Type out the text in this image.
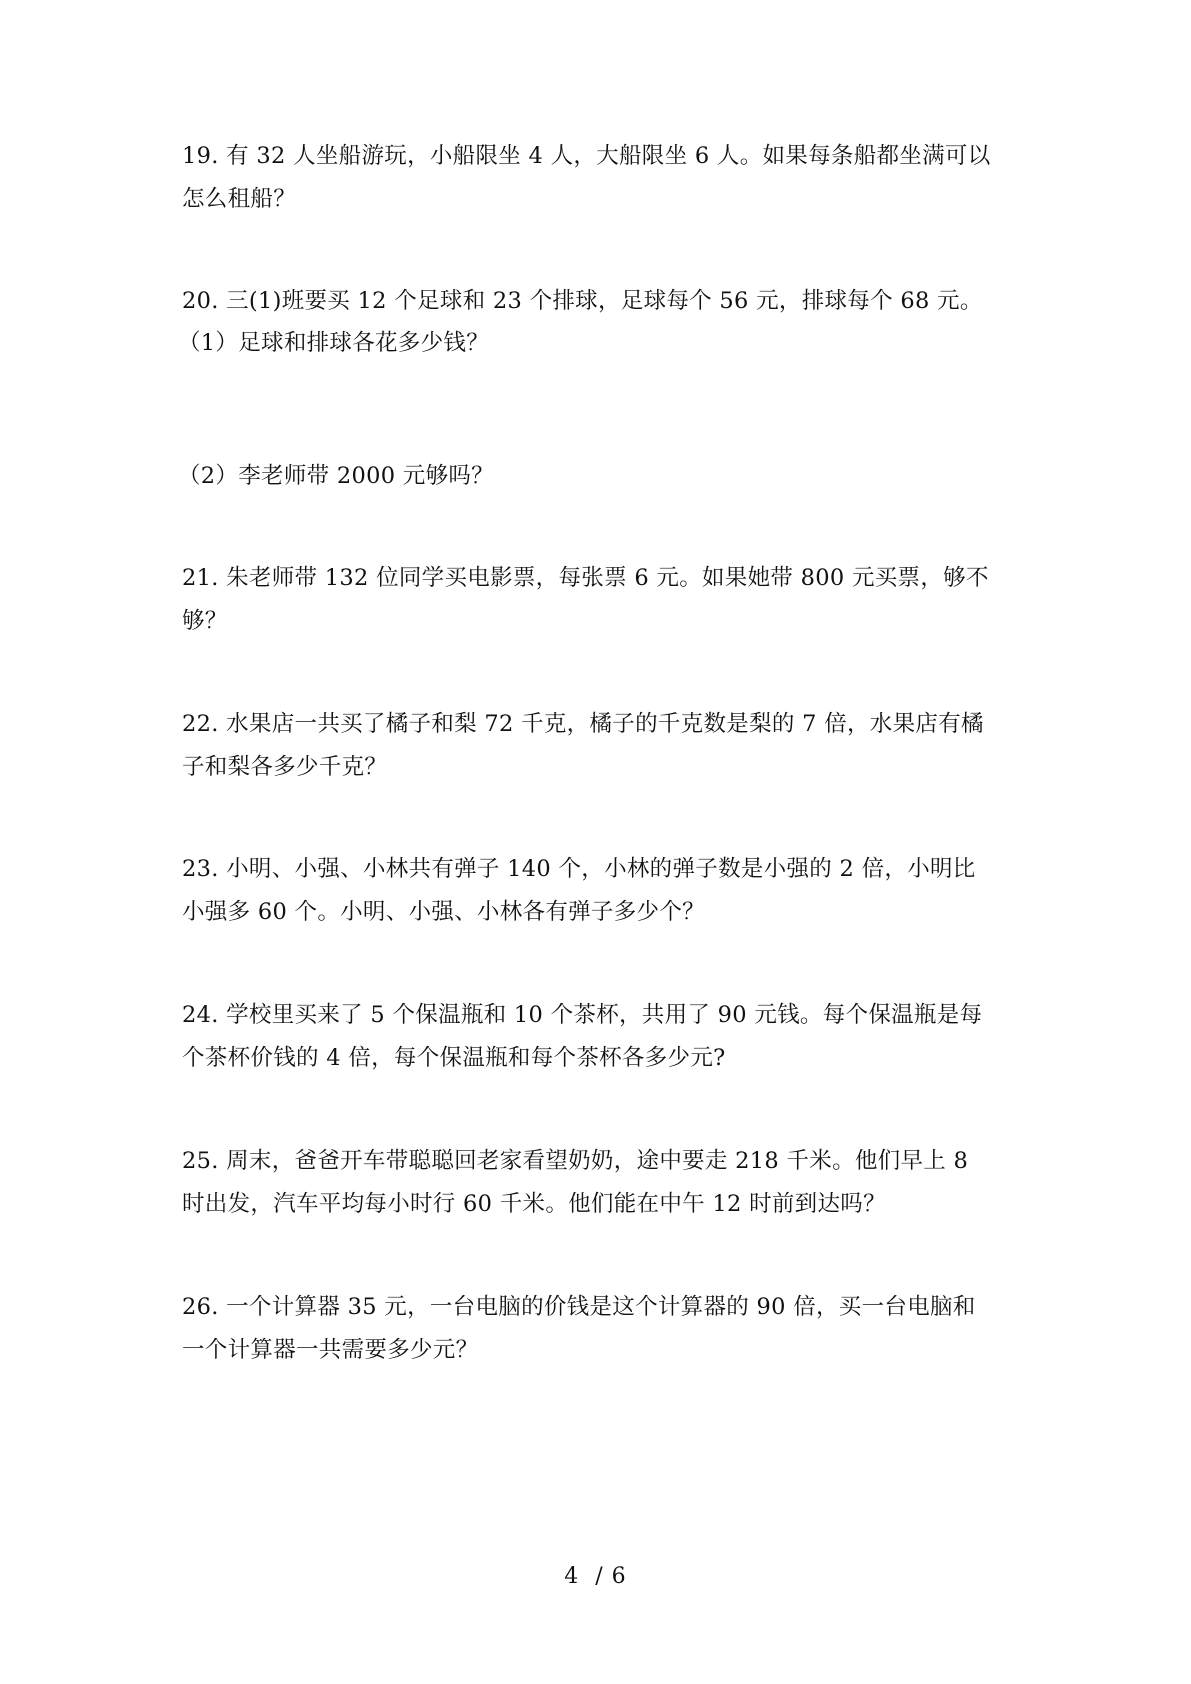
19. 有 32 人坐船游玩，小船限坐 4 人，大船限坐 6 人。如果每条船都坐满可以
怎么租船？
20. 三(1)班要买 12 个足球和 23 个排球，足球每个 56 元，排球每个 68 元。
（1）足球和排球各花多少钱？
（2）李老师带 2000 元够吗？
21. 朱老师带 132 位同学买电影票，每张票 6 元。如果她带 800 元买票，够不
够？
22. 水果店一共买了橘子和梨 72 千克，橘子的千克数是梨的 7 倍，水果店有橘
子和梨各多少千克？
23. 小明、小强、小林共有弹子 140 个，小林的弹子数是小强的 2 倍，小明比
小强多 60 个。小明、小强、小林各有弹子多少个？
24. 学校里买来了 5 个保温瓶和 10 个茶杯，共用了 90 元钱。每个保温瓶是每
个茶杯价钱的 4 倍，每个保温瓶和每个茶杯各多少元?
25. 周末，爸爸开车带聪聪回老家看望奶奶，途中要走 218 千米。他们早上 8
时出发，汽车平均每小时行 60 千米。他们能在中午 12 时前到达吗？
26. 一个计算器 35 元，一台电脑的价钱是这个计算器的 90 倍，买一台电脑和
一个计算器一共需要多少元？
4  / 6
